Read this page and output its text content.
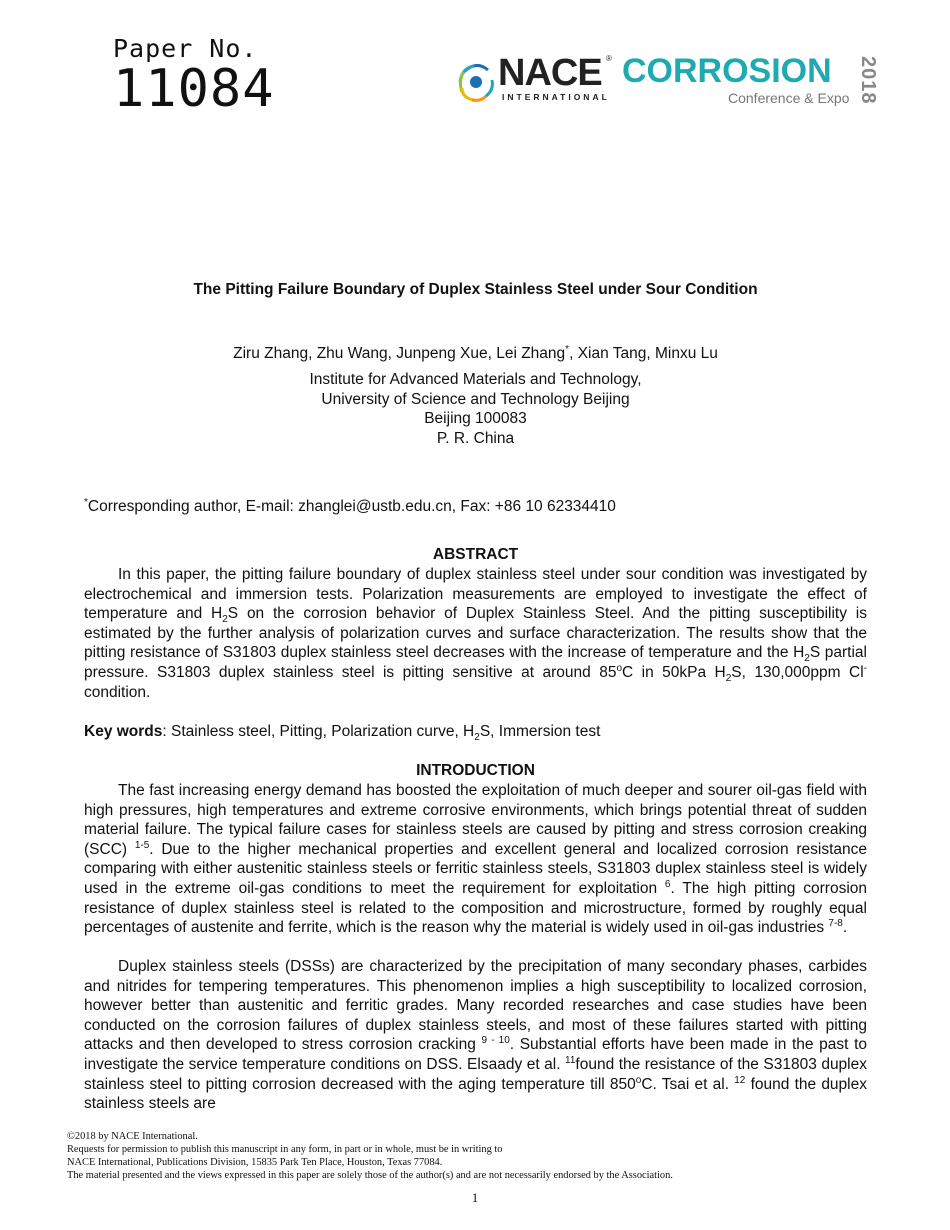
Paper No.
11084	NACE ®
INTERNATIONAL
CORROSION
Conference & Expo 2018
The Pitting Failure Boundary of Duplex Stainless Steel under Sour Condition
Ziru Zhang, Zhu Wang, Junpeng Xue, Lei Zhang*, Xian Tang, Minxu Lu
Institute for Advanced Materials and Technology,
University of Science and Technology Beijing
Beijing 100083
P. R. China
*Corresponding author, E-mail: zhanglei@ustb.edu.cn, Fax: +86 10 62334410
ABSTRACT
In this paper, the pitting failure boundary of duplex stainless steel under sour condition was investigated by electrochemical and immersion tests. Polarization measurements are employed to investigate the effect of temperature and $H_2S$ on the corrosion behavior of Duplex Stainless Steel. And the pitting susceptibility is estimated by the further analysis of polarization curves and surface characterization. The results show that the pitting resistance of S31803 duplex stainless steel decreases with the increase of temperature and the $H_2S$ partial pressure. S31803 duplex stainless steel is pitting sensitive at around 85$^o$C in 50kPa $H_2S$, 130,000ppm Cl- condition.
Key words: Stainless steel, Pitting, Polarization curve, $H_2S$, Immersion test
INTRODUCTION
The fast increasing energy demand has boosted the exploitation of much deeper and sourer oil-gas field with high pressures, high temperatures and extreme corrosive environments, which brings potential threat of sudden material failure. The typical failure cases for stainless steels are caused by pitting and stress corrosion creaking (SCC) $^{1-5}$. Due to the higher mechanical properties and excellent general and localized corrosion resistance comparing with either austenitic stainless steels or ferritic stainless steels, S31803 duplex stainless steel is widely used in the extreme oil-gas conditions to meet the requirement for exploitation $^6$. The high pitting corrosion resistance of duplex stainless steel is related to the composition and microstructure, formed by roughly equal percentages of austenite and ferrite, which is the reason why the material is widely used in oil-gas industries $^{7-8}$.
Duplex stainless steels (DSSs) are characterized by the precipitation of many secondary phases, carbides and nitrides for tempering temperatures. This phenomenon implies a high susceptibility to localized corrosion, however better than austenitic and ferritic grades. Many recorded researches and case studies have been conducted on the corrosion failures of duplex stainless steels, and most of these failures started with pitting attacks and then developed to stress corrosion cracking $^{9 - 10}$. Substantial efforts have been made in the past to investigate the service temperature conditions on DSS. Elsaady et al. $^{11}$found the resistance of the S31803 duplex stainless steel to pitting corrosion decreased with the aging temperature till 850$^o$C. Tsai et al. $^{12}$ found the duplex stainless steels are
©2018 by NACE International.
Requests for permission to publish this manuscript in any form, in part or in whole, must be in writing to
NACE International, Publications Division, 15835 Park Ten Place, Houston, Texas 77084.
The material presented and the views expressed in this paper are solely those of the author(s) and are not necessarily endorsed by the Association.
1
